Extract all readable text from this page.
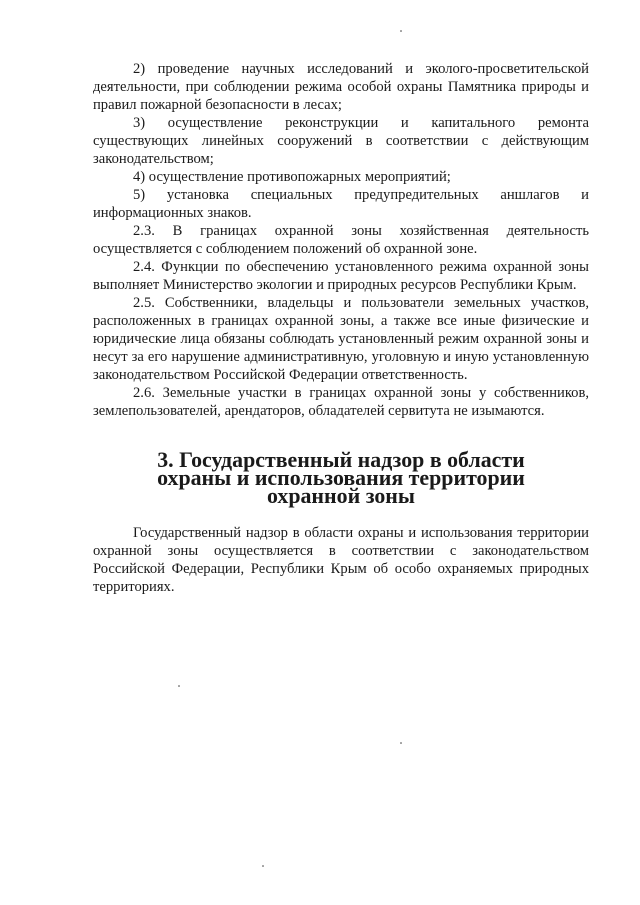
2) проведение научных исследований и эколого-просветительской деятельности, при соблюдении режима особой охраны Памятника природы и правил пожарной безопасности в лесах;

3) осуществление реконструкции и капитального ремонта существующих линейных сооружений в соответствии с действующим законодательством;

4) осуществление противопожарных мероприятий;

5) установка специальных предупредительных аншлагов и информационных знаков.

2.3. В границах охранной зоны хозяйственная деятельность осуществляется с соблюдением положений об охранной зоне.

2.4. Функции по обеспечению установленного режима охранной зоны выполняет Министерство экологии и природных ресурсов Республики Крым.

2.5. Собственники, владельцы и пользователи земельных участков, расположенных в границах охранной зоны, а также все иные физические и юридические лица обязаны соблюдать установленный режим охранной зоны и несут за его нарушение административную, уголовную и иную установленную законодательством Российской Федерации ответственность.

2.6. Земельные участки в границах охранной зоны у собственников, землепользователей, арендаторов, обладателей сервитута не изымаются.

3. Государственный надзор в области охраны и использования территории охранной зоны

Государственный надзор в области охраны и использования территории охранной зоны осуществляется в соответствии с законодательством Российской Федерации, Республики Крым об особо охраняемых природных территориях.
